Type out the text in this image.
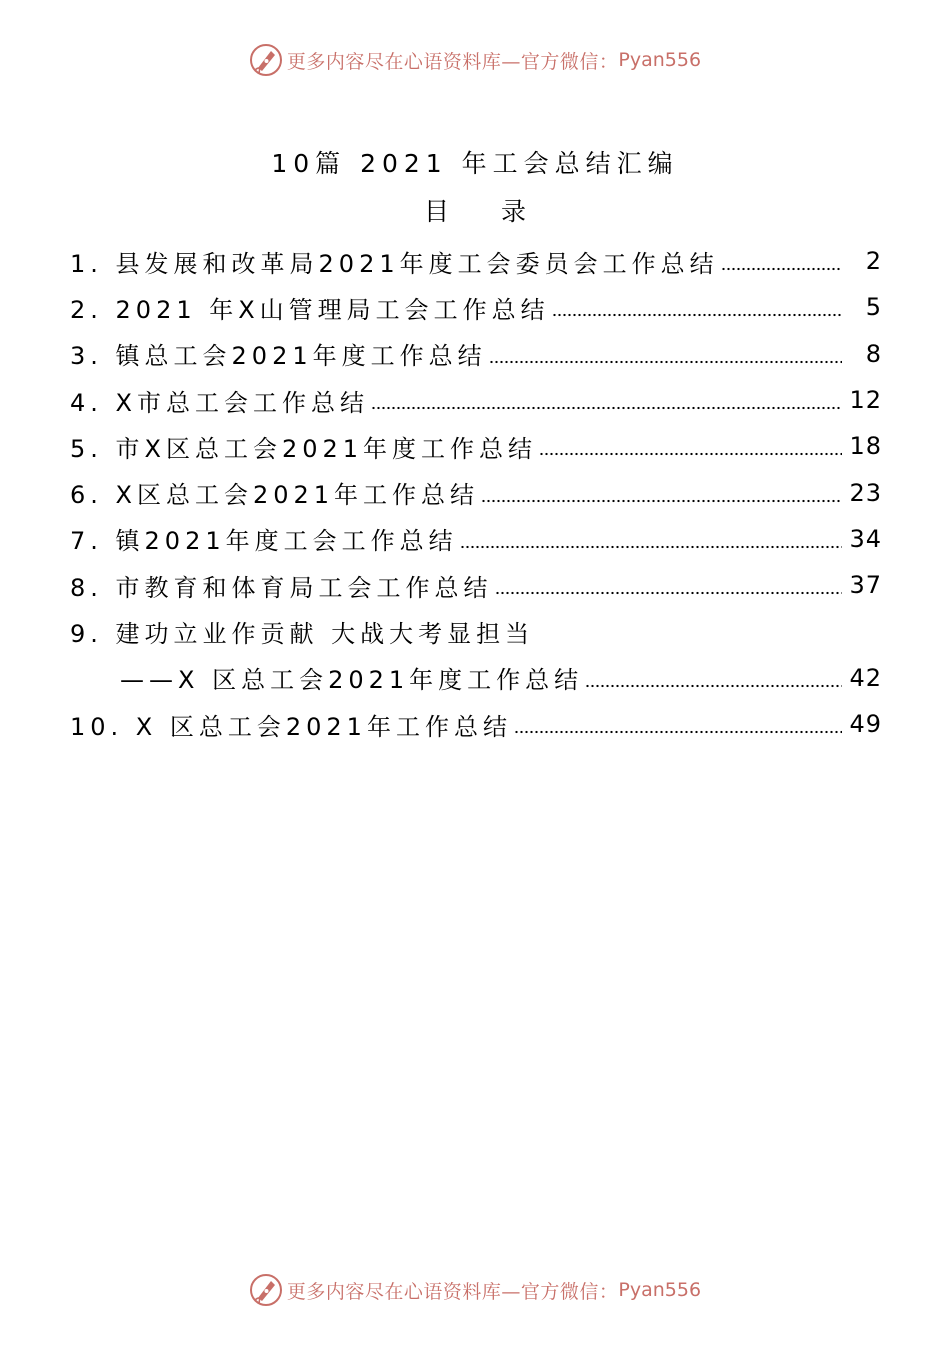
更多内容尽在心语资料库—官方微信： Pyan556
10篇 2021 年工会总结汇编
目 录
1. 县发展和改革局2021年度工会委员会工作总结	2
2. 2021 年X山管理局工会工作总结	5
3. 镇总工会2021年度工作总结	8
4. X市总工会工作总结	12
5. 市X区总工会2021年度工作总结	18
6. X区总工会2021年工作总结	23
7. 镇2021年度工会工作总结	34
8. 市教育和体育局工会工作总结	37
9. 建功立业作贡献 大战大考显担当
——X 区总工会2021年度工作总结	42
10. X 区总工会2021年工作总结	49
更多内容尽在心语资料库—官方微信： Pyan556
